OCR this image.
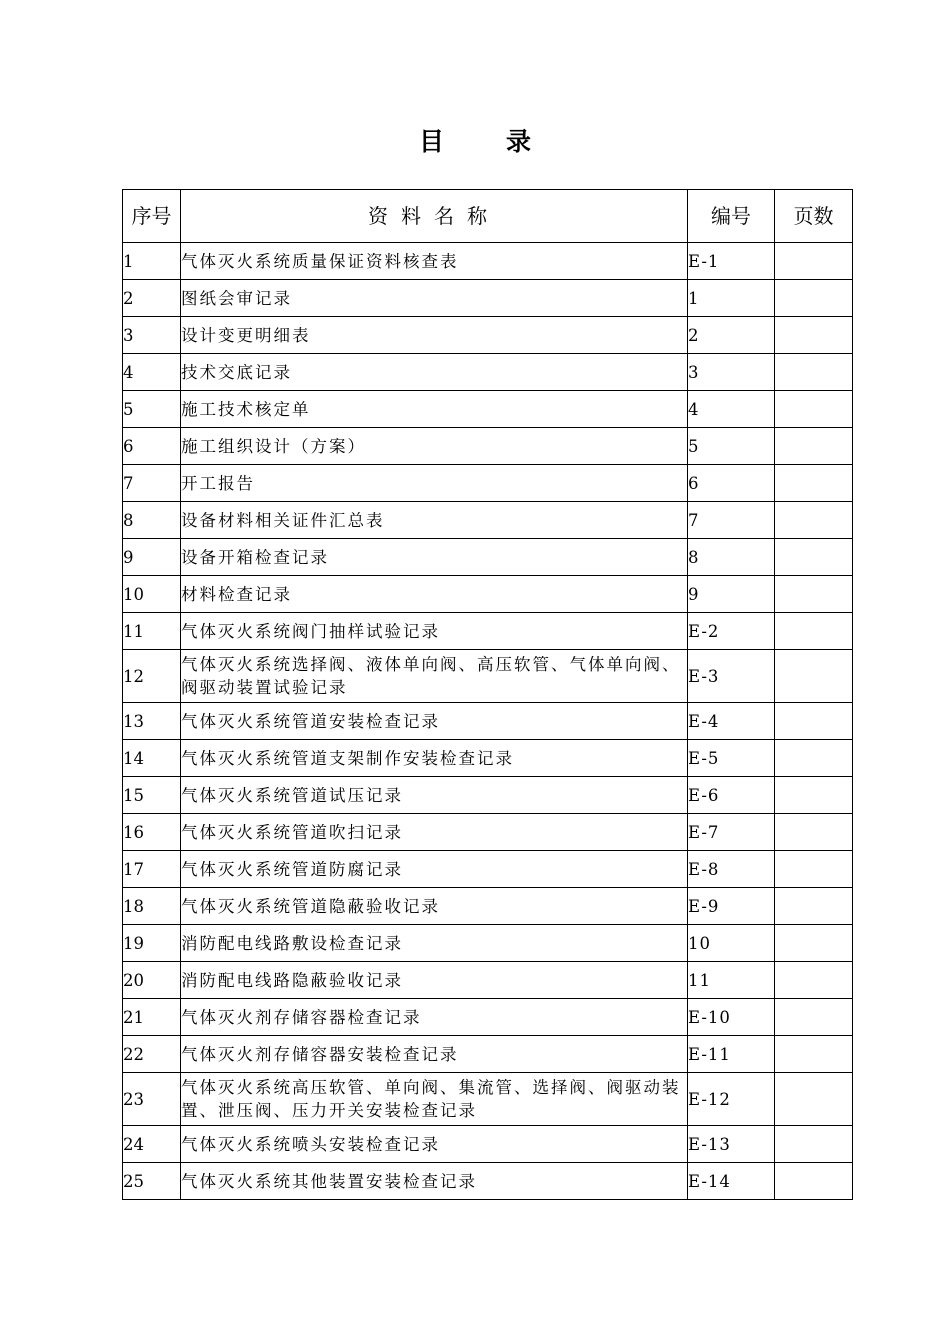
目 录
序号	资料名称	编号	页数
1	气体灭火系统质量保证资料核查表	E-1	
2	图纸会审记录	1	
3	设计变更明细表	2	
4	技术交底记录	3	
5	施工技术核定单	4	
6	施工组织设计（方案）	5	
7	开工报告	6	
8	设备材料相关证件汇总表	7	
9	设备开箱检查记录	8	
10	材料检查记录	9	
11	气体灭火系统阀门抽样试验记录	E-2	
12	气体灭火系统选择阀、液体单向阀、高压软管、气体单向阀、阀驱动装置试验记录	E-3	
13	气体灭火系统管道安装检查记录	E-4	
14	气体灭火系统管道支架制作安装检查记录	E-5	
15	气体灭火系统管道试压记录	E-6	
16	气体灭火系统管道吹扫记录	E-7	
17	气体灭火系统管道防腐记录	E-8	
18	气体灭火系统管道隐蔽验收记录	E-9	
19	消防配电线路敷设检查记录	10	
20	消防配电线路隐蔽验收记录	11	
21	气体灭火剂存储容器检查记录	E-10	
22	气体灭火剂存储容器安装检查记录	E-11	
23	气体灭火系统高压软管、单向阀、集流管、选择阀、阀驱动装置、泄压阀、压力开关安装检查记录	E-12	
24	气体灭火系统喷头安装检查记录	E-13	
25	气体灭火系统其他装置安装检查记录	E-14	
